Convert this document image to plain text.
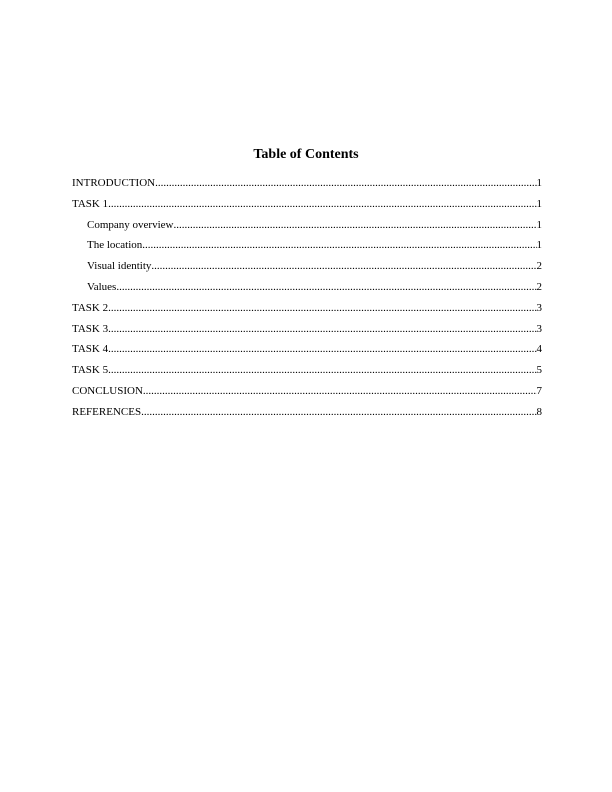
Table of Contents
INTRODUCTION .....	1
TASK 1 .....	1
Company overview .....	1
The location .....	1
Visual identity .....	2
Values .....	2
TASK 2 .....	3
TASK 3 .....	3
TASK 4 .....	4
TASK 5 .....	5
CONCLUSION .....	7
REFERENCES .....	8
